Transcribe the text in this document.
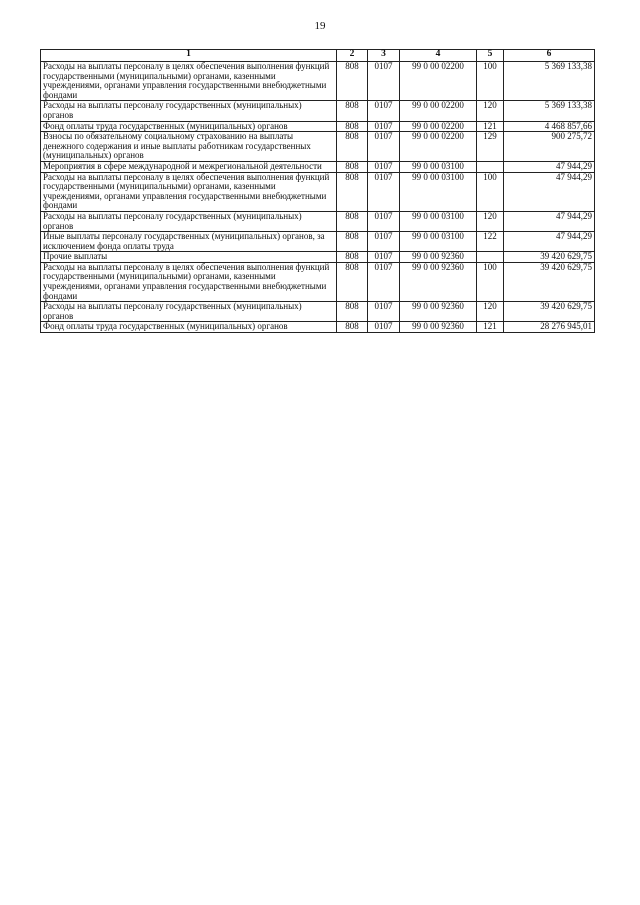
19
1	2	3	4	5	6
Расходы на выплаты персоналу в целях обеспечения выполнения функций государственными (муниципальными) органами, казенными учреждениями, органами управления государственными внебюджетными фондами	808	0107	99 0 00 02200	100	5 369 133,38
Расходы на выплаты персоналу государственных (муниципальных) органов	808	0107	99 0 00 02200	120	5 369 133,38
Фонд оплаты труда государственных (муниципальных) органов	808	0107	99 0 00 02200	121	4 468 857,66
Взносы по обязательному социальному страхованию на выплаты денежного содержания и иные выплаты работникам государственных (муниципальных) органов	808	0107	99 0 00 02200	129	900 275,72
Мероприятия в сфере международной и межрегиональной деятельности	808	0107	99 0 00 03100		47 944,29
Расходы на выплаты персоналу в целях обеспечения выполнения функций государственными (муниципальными) органами, казенными учреждениями, органами управления государственными внебюджетными фондами	808	0107	99 0 00 03100	100	47 944,29
Расходы на выплаты персоналу государственных (муниципальных) органов	808	0107	99 0 00 03100	120	47 944,29
Иные выплаты персоналу государственных (муниципальных) органов, за исключением фонда оплаты труда	808	0107	99 0 00 03100	122	47 944,29
Прочие выплаты	808	0107	99 0 00 92360		39 420 629,75
Расходы на выплаты персоналу в целях обеспечения выполнения функций государственными (муниципальными) органами, казенными учреждениями, органами управления государственными внебюджетными фондами	808	0107	99 0 00 92360	100	39 420 629,75
Расходы на выплаты персоналу государственных (муниципальных) органов	808	0107	99 0 00 92360	120	39 420 629,75
Фонд оплаты труда государственных (муниципальных) органов	808	0107	99 0 00 92360	121	28 276 945,01
